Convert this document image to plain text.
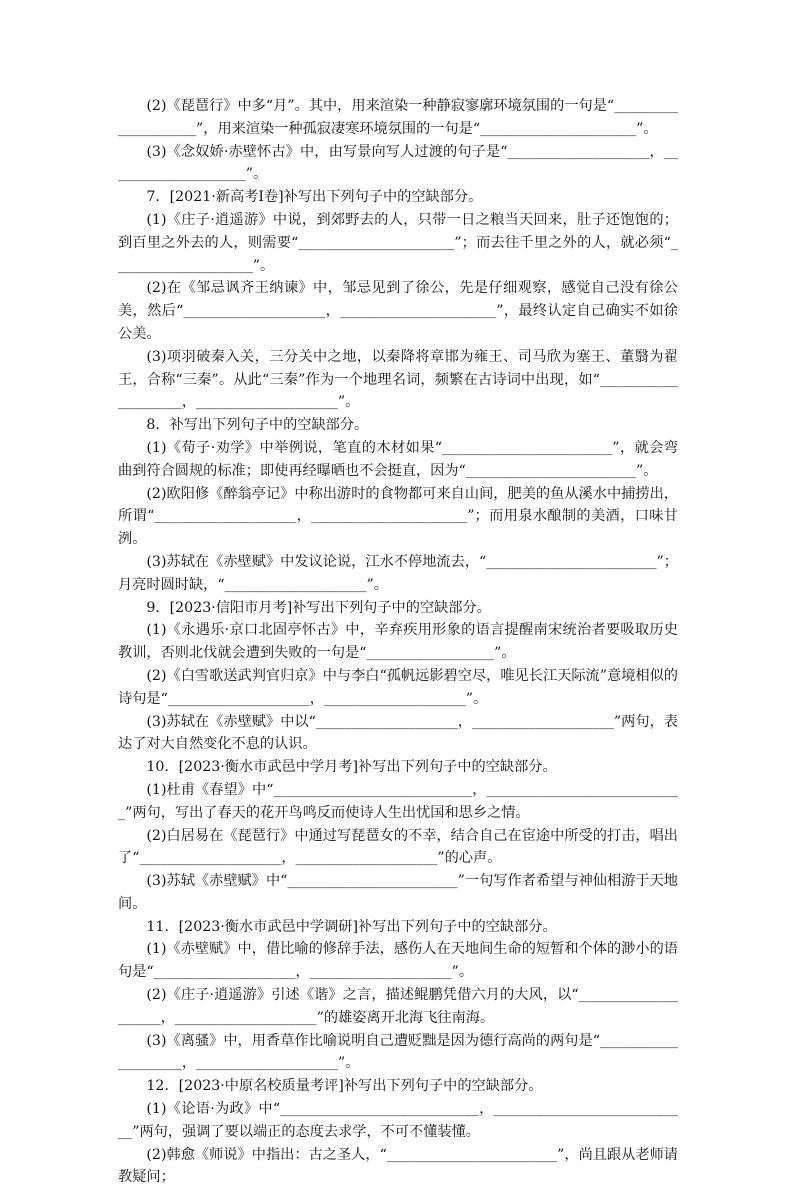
(2)《琵琶行》中多“月”。其中，用来渲染一种静寂寥廓环境氛围的一句是“____________________”，用来渲染一种孤寂凄寒环境氛围的一句是“______________________”。

(3)《念奴娇·赤壁怀古》中，由写景向写人过渡的句子是“____________________，____________________”。

7．[2021·新高考Ⅰ卷]补写出下列句子中的空缺部分。

(1)《庄子·逍遥游》中说，到郊野去的人，只带一日之粮当天回来，肚子还饱饱的；到百里之外去的人，则需要“______________________”；而去往千里之外的人，就必须“____________________”。

(2)在《邹忌讽齐王纳谏》中，邹忌见到了徐公，先是仔细观察，感觉自己没有徐公美，然后“____________________，______________________”，最终认定自己确实不如徐公美。

(3)项羽破秦入关，三分关中之地，以秦降将章邯为雍王、司马欣为塞王、董翳为翟王，合称“三秦”。从此“三秦”作为一个地理名词，频繁在古诗词中出现，如“____________________，____________________”。

8．补写出下列句子中的空缺部分。

(1)《荀子·劝学》中举例说，笔直的木材如果“________________________”，就会弯曲到符合圆规的标准；即使再经曝晒也不会挺直，因为“________________________”。

(2)欧阳修《醉翁亭记》中称出游时的食物都可来自山间，肥美的鱼从溪水中捕捞出，所谓“____________________，______________________”；而用泉水酿制的美酒，口味甘洌。

(3)苏轼在《赤壁赋》中发议论说，江水不停地流去，“________________________”；月亮时圆时缺，“____________________”。

9．[2023·信阳市月考]补写出下列句子中的空缺部分。

(1)《永遇乐·京口北固亭怀古》中，辛弃疾用形象的语言提醒南宋统治者要吸取历史教训，否则北伐就会遭到失败的一句是“__________________”。

(2)《白雪歌送武判官归京》中与李白“孤帆远影碧空尽，唯见长江天际流”意境相似的诗句是“____________________，____________________”。

(3)苏轼在《赤壁赋》中以“____________________，____________________”两句，表达了对大自然变化不息的认识。

10．[2023·衡水市武邑中学月考]补写出下列句子中的空缺部分。

(1)杜甫《春望》中“____________________________，____________________________”两句，写出了春天的花开鸟鸣反而使诗人生出忧国和思乡之情。

(2)白居易在《琵琶行》中通过写琵琶女的不幸，结合自己在宦途中所受的打击，唱出了“____________________，____________________”的心声。

(3)苏轼《赤壁赋》中“________________________”一句写作者希望与神仙相游于天地间。

11．[2023·衡水市武邑中学调研]补写出下列句子中的空缺部分。

(1)《赤壁赋》中，借比喻的修辞手法，感伤人在天地间生命的短暂和个体的渺小的语句是“____________________，____________________”。

(2)《庄子·逍遥游》引述《谐》之言，描述鲲鹏凭借六月的大风，以“____________________，____________________”的雄姿离开北海飞往南海。

(3)《离骚》中，用香草作比喻说明自己遭贬黜是因为德行高尚的两句是“____________________，____________________”。

12．[2023·中原名校质量考评]补写出下列句子中的空缺部分。

(1)《论语·为政》中“____________________________，____________________________”两句，强调了要以端正的态度去求学，不可不懂装懂。

(2)韩愈《师说》中指出：古之圣人，“________________________”，尚且跟从老师请教疑问；
